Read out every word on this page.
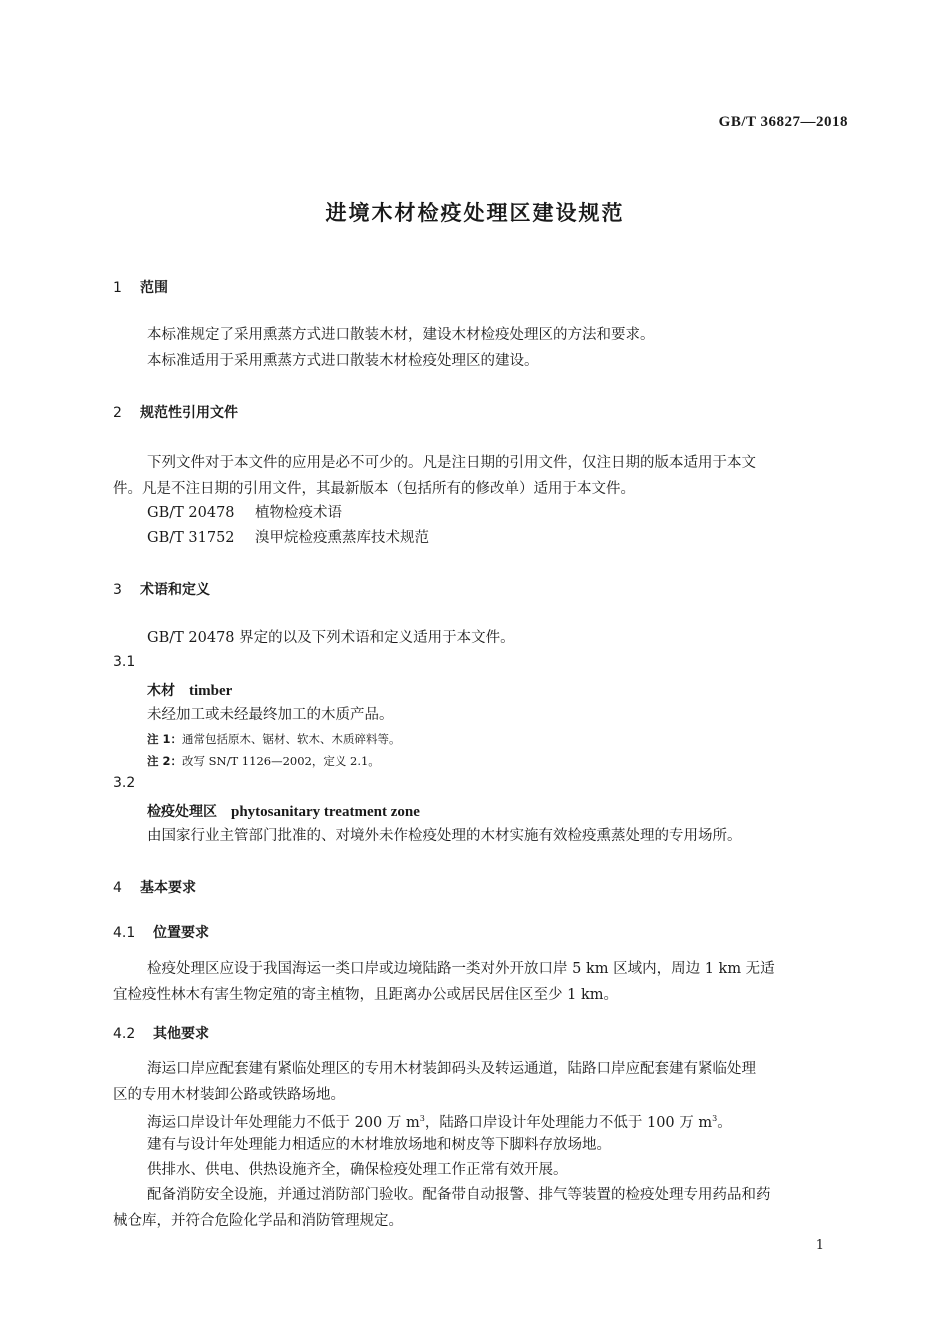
GB/T 36827—2018
进境木材检疫处理区建设规范
1 范围
本标准规定了采用熏蒸方式进口散装木材，建设木材检疫处理区的方法和要求。
本标准适用于采用熏蒸方式进口散装木材检疫处理区的建设。
2 规范性引用文件
下列文件对于本文件的应用是必不可少的。凡是注日期的引用文件，仅注日期的版本适用于本文
件。凡是不注日期的引用文件，其最新版本（包括所有的修改单）适用于本文件。
GB/T 20478 植物检疫术语
GB/T 31752 溴甲烷检疫熏蒸库技术规范
3 术语和定义
GB/T 20478 界定的以及下列术语和定义适用于本文件。
3.1
木材 timber
未经加工或未经最终加工的木质产品。
注 1：通常包括原木、锯材、软木、木质碎料等。
注 2：改写 SN/T 1126—2002，定义 2.1。
3.2
检疫处理区 phytosanitary treatment zone
由国家行业主管部门批准的、对境外未作检疫处理的木材实施有效检疫熏蒸处理的专用场所。
4 基本要求
4.1 位置要求
检疫处理区应设于我国海运一类口岸或边境陆路一类对外开放口岸 5 km 区域内，周边 1 km 无适
宜检疫性林木有害生物定殖的寄主植物，且距离办公或居民居住区至少 1 km。
4.2 其他要求
海运口岸应配套建有紧临处理区的专用木材装卸码头及转运通道，陆路口岸应配套建有紧临处理
区的专用木材装卸公路或铁路场地。
海运口岸设计年处理能力不低于 200 万 $m^3$，陆路口岸设计年处理能力不低于 100 万 $m^3$。
建有与设计年处理能力相适应的木材堆放场地和树皮等下脚料存放场地。
供排水、供电、供热设施齐全，确保检疫处理工作正常有效开展。
配备消防安全设施，并通过消防部门验收。配备带自动报警、排气等装置的检疫处理专用药品和药
械仓库，并符合危险化学品和消防管理规定。
1
